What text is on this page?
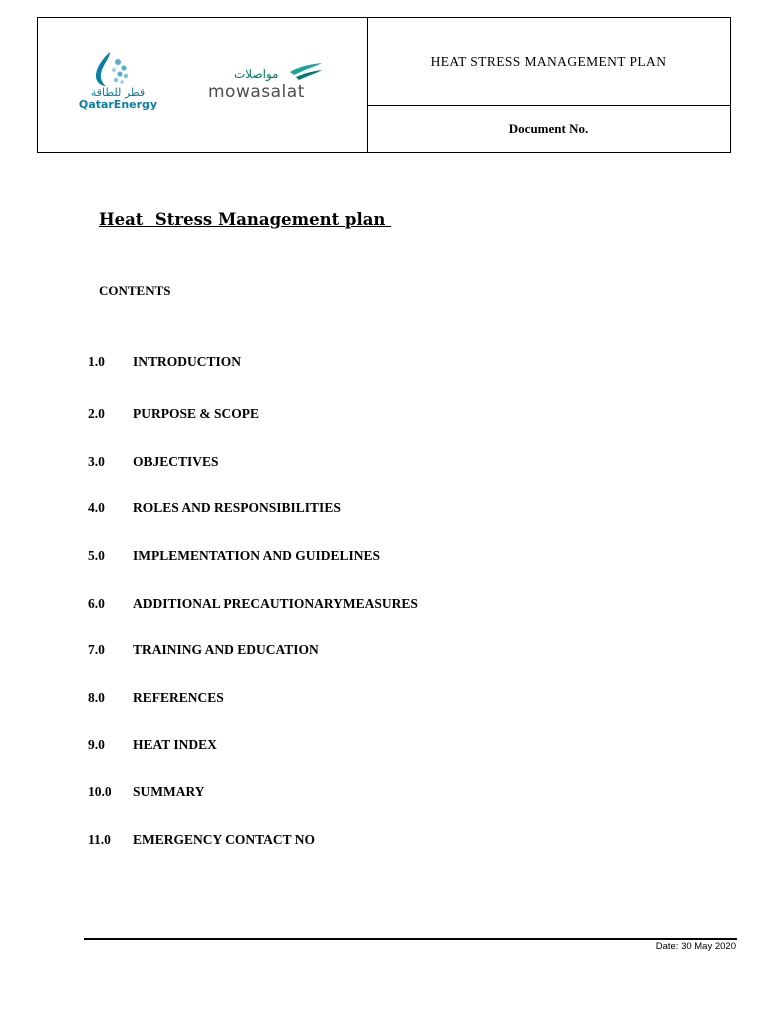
قطر للطاقة
QatarEnergy
مواصلات
mowasalat
HEAT STRESS MANAGEMENT PLAN
Document No.
Heat  Stress Management plan
CONTENTS
1.0 INTRODUCTION
2.0 PURPOSE & SCOPE
3.0 OBJECTIVES
4.0 ROLES AND RESPONSIBILITIES
5.0 IMPLEMENTATION AND GUIDELINES
6.0 ADDITIONAL PRECAUTIONARYMEASURES
7.0 TRAINING AND EDUCATION
8.0 REFERENCES
9.0 HEAT INDEX
10.0 SUMMARY
11.0 EMERGENCY CONTACT NO
Date: 30 May 2020
